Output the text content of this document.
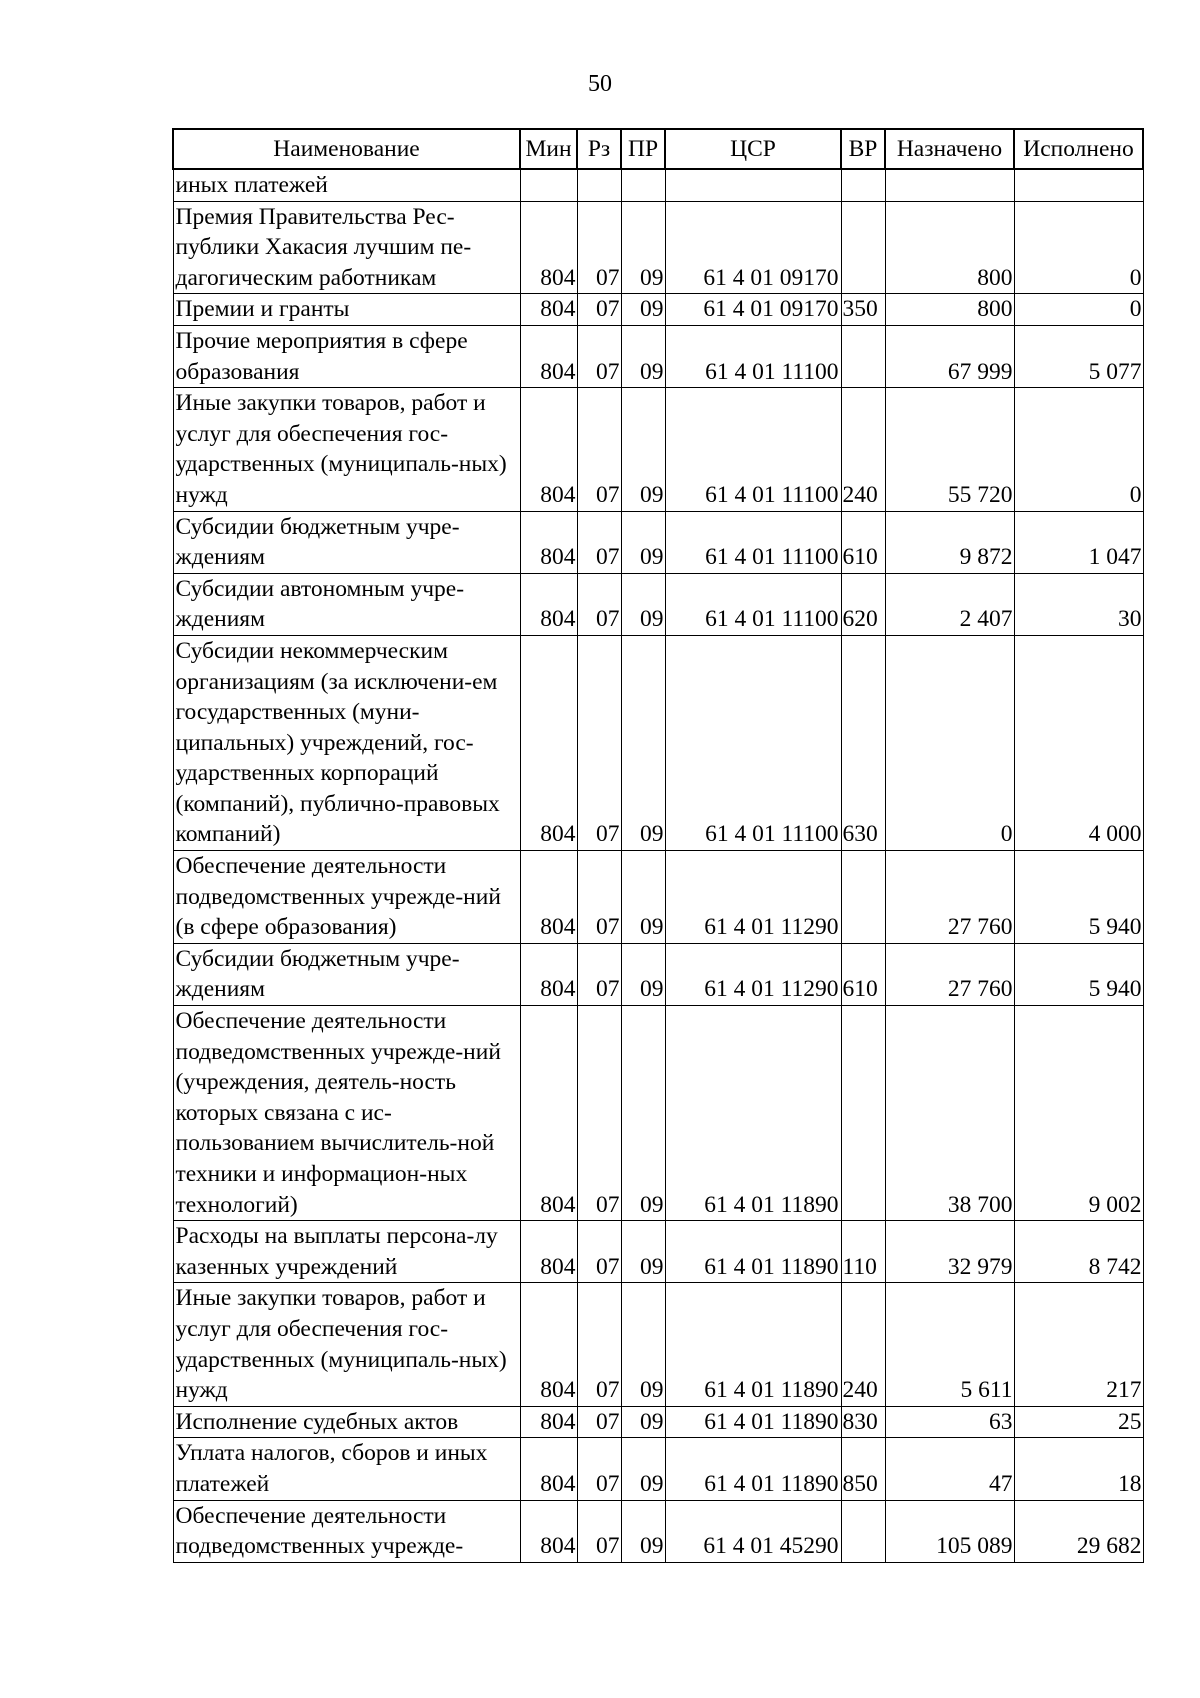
50
Наименование	Мин	Рз	ПР	ЦСР	ВР	Назначено	Исполнено
иных платежей							
Премия Правительства Рес-публики Хакасия лучшим пе-дагогическим работникам	804	07	09	61 4 01 09170		800	0
Премии и гранты	804	07	09	61 4 01 09170	350	800	0
Прочие мероприятия в сфере образования	804	07	09	61 4 01 11100		67 999	5 077
Иные закупки товаров, работ и услуг для обеспечения гос-ударственных (муниципаль-ных) нужд	804	07	09	61 4 01 11100	240	55 720	0
Субсидии бюджетным учре-ждениям	804	07	09	61 4 01 11100	610	9 872	1 047
Субсидии автономным учре-ждениям	804	07	09	61 4 01 11100	620	2 407	30
Субсидии некоммерческим организациям (за исключени-ем государственных (муни-ципальных) учреждений, гос-ударственных корпораций (компаний), публично-правовых компаний)	804	07	09	61 4 01 11100	630	0	4 000
Обеспечение деятельности подведомственных учрежде-ний (в сфере образования)	804	07	09	61 4 01 11290		27 760	5 940
Субсидии бюджетным учре-ждениям	804	07	09	61 4 01 11290	610	27 760	5 940
Обеспечение деятельности подведомственных учрежде-ний (учреждения, деятель-ность которых связана с ис-пользованием вычислитель-ной техники и информацион-ных технологий)	804	07	09	61 4 01 11890		38 700	9 002
Расходы на выплаты персона-лу казенных учреждений	804	07	09	61 4 01 11890	110	32 979	8 742
Иные закупки товаров, работ и услуг для обеспечения гос-ударственных (муниципаль-ных) нужд	804	07	09	61 4 01 11890	240	5 611	217
Исполнение судебных актов	804	07	09	61 4 01 11890	830	63	25
Уплата налогов, сборов и иных платежей	804	07	09	61 4 01 11890	850	47	18
Обеспечение деятельности подведомственных учрежде-	804	07	09	61 4 01 45290		105 089	29 682
